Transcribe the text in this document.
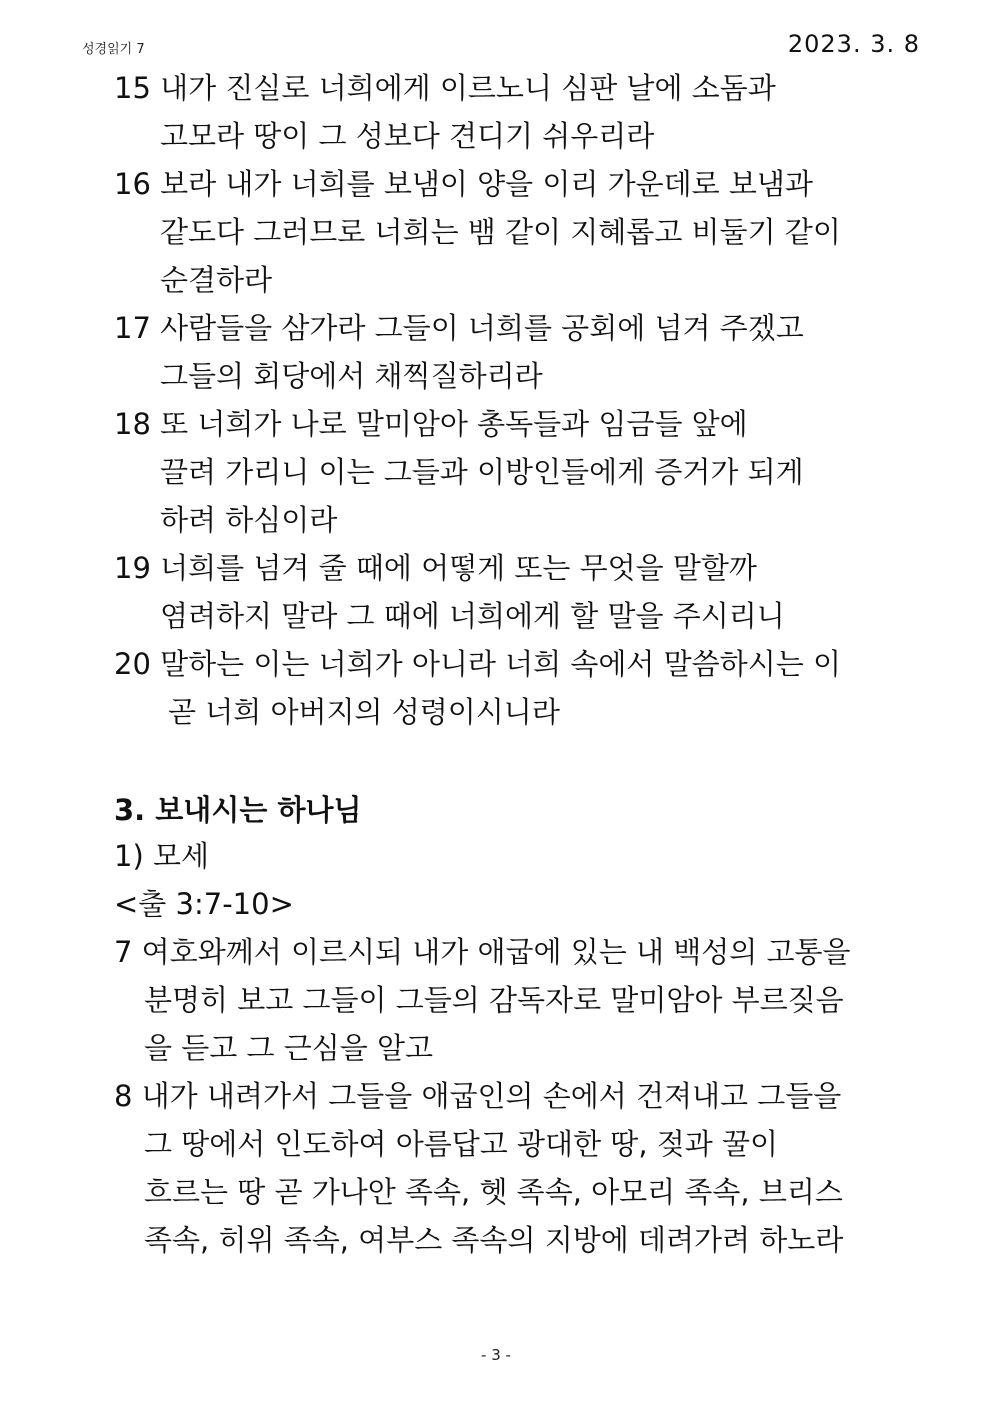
성경읽기 7	2023. 3. 8
15 내가 진실로 너희에게 이르노니 심판 날에 소돔과
고모라 땅이 그 성보다 견디기 쉬우리라
16 보라 내가 너희를 보냄이 양을 이리 가운데로 보냄과
같도다 그러므로 너희는 뱀 같이 지혜롭고 비둘기 같이
순결하라
17 사람들을 삼가라 그들이 너희를 공회에 넘겨 주겠고
그들의 회당에서 채찍질하리라
18 또 너희가 나로 말미암아 총독들과 임금들 앞에
끌려 가리니 이는 그들과 이방인들에게 증거가 되게
하려 하심이라
19 너희를 넘겨 줄 때에 어떻게 또는 무엇을 말할까
염려하지 말라 그 때에 너희에게 할 말을 주시리니
20 말하는 이는 너희가 아니라 너희 속에서 말씀하시는 이
곧 너희 아버지의 성령이시니라
3. 보내시는 하나님
1) 모세
<출 3:7-10>
7 여호와께서 이르시되 내가 애굽에 있는 내 백성의 고통을
분명히 보고 그들이 그들의 감독자로 말미암아 부르짖음
을 듣고 그 근심을 알고
8 내가 내려가서 그들을 애굽인의 손에서 건져내고 그들을
그 땅에서 인도하여 아름답고 광대한 땅, 젖과 꿀이
흐르는 땅 곧 가나안 족속, 헷 족속, 아모리 족속, 브리스
족속, 히위 족속, 여부스 족속의 지방에 데려가려 하노라
- 3 -
